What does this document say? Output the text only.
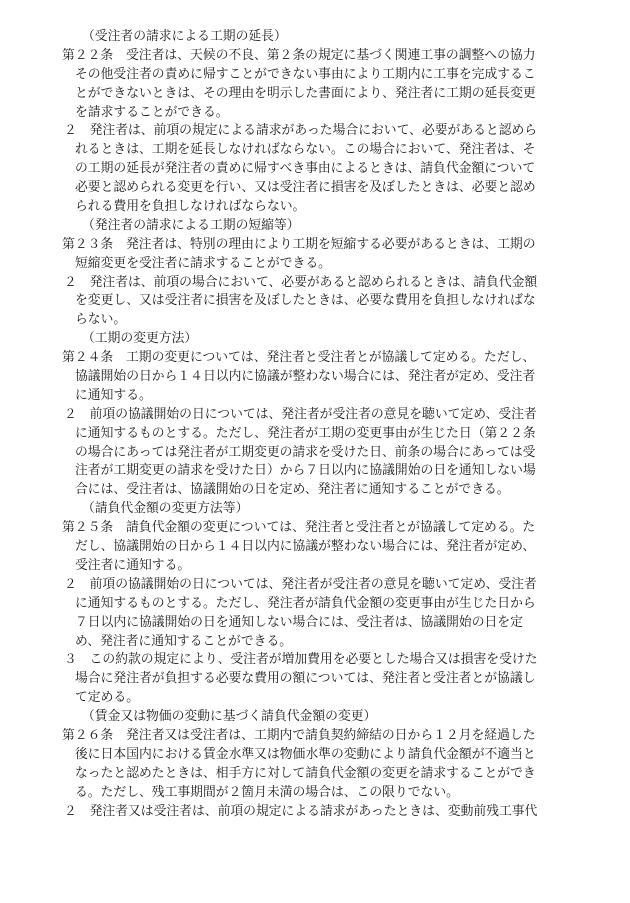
（受注者の請求による工期の延長）
第２２条　受注者は、天候の不良、第２条の規定に基づく関連工事の調整への協力
その他受注者の責めに帰すことができない事由により工期内に工事を完成するこ
とができないときは、その理由を明示した書面により、発注者に工期の延長変更
を請求することができる。
２　発注者は、前項の規定による請求があった場合において、必要があると認めら
れるときは、工期を延長しなければならない。この場合において、発注者は、そ
の工期の延長が発注者の責めに帰すべき事由によるときは、請負代金額について
必要と認められる変更を行い、又は受注者に損害を及ぼしたときは、必要と認め
られる費用を負担しなければならない。
（発注者の請求による工期の短縮等）
第２３条　発注者は、特別の理由により工期を短縮する必要があるときは、工期の
短縮変更を受注者に請求することができる。
２　発注者は、前項の場合において、必要があると認められるときは、請負代金額
を変更し、又は受注者に損害を及ぼしたときは、必要な費用を負担しなければな
らない。
（工期の変更方法）
第２４条　工期の変更については、発注者と受注者とが協議して定める。ただし、
協議開始の日から１４日以内に協議が整わない場合には、発注者が定め、受注者
に通知する。
２　前項の協議開始の日については、発注者が受注者の意見を聴いて定め、受注者
に通知するものとする。ただし、発注者が工期の変更事由が生じた日（第２２条
の場合にあっては発注者が工期変更の請求を受けた日、前条の場合にあっては受
注者が工期変更の請求を受けた日）から７日以内に協議開始の日を通知しない場
合には、受注者は、協議開始の日を定め、発注者に通知することができる。
（請負代金額の変更方法等）
第２５条　請負代金額の変更については、発注者と受注者とが協議して定める。た
だし、協議開始の日から１４日以内に協議が整わない場合には、発注者が定め、
受注者に通知する。
２　前項の協議開始の日については、発注者が受注者の意見を聴いて定め、受注者
に通知するものとする。ただし、発注者が請負代金額の変更事由が生じた日から
７日以内に協議開始の日を通知しない場合には、受注者は、協議開始の日を定
め、発注者に通知することができる。
３　この約款の規定により、受注者が増加費用を必要とした場合又は損害を受けた
場合に発注者が負担する必要な費用の額については、発注者と受注者とが協議し
て定める。
（賃金又は物価の変動に基づく請負代金額の変更）
第２６条　発注者又は受注者は、工期内で請負契約締結の日から１２月を経過した
後に日本国内における賃金水準又は物価水準の変動により請負代金額が不適当と
なったと認めたときは、相手方に対して請負代金額の変更を請求することができ
る。ただし、残工事期間が２箇月未満の場合は、この限りでない。
２　発注者又は受注者は、前項の規定による請求があったときは、変動前残工事代
